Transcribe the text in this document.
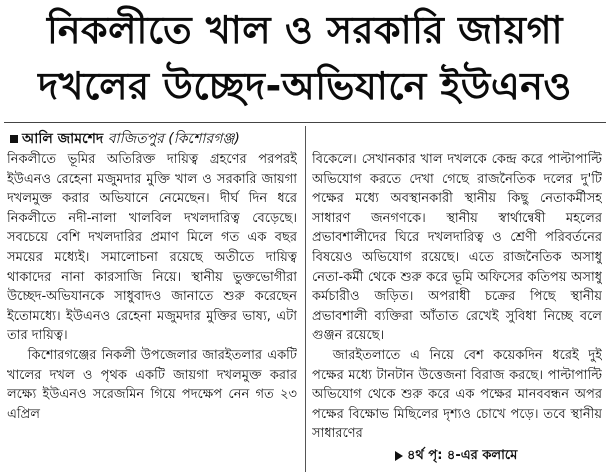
নিকলীতে খাল ও সরকারি জায়গা
দখলের উচ্ছেদ-অভিযানে ইউএনও
আলি জামশেদ বাজিতপুর (কিশোরগঞ্জ)

নিকলীতে ভূমির অতিরিক্ত দায়িত্ব গ্রহণের পরপরই ইউএনও রেহেনা মজুমদার মুক্তি খাল ও সরকারি জায়গা দখলমুক্ত করার অভিযানে নেমেছেন। দীর্ঘ দিন ধরে নিকলীতে নদী-নালা খালবিল দখলদারিত্ব বেড়েছে। সবচেয়ে বেশি দখলদারির প্রমাণ মিলে গত এক বছর সময়ের মধ্যেই। সমালোচনা রয়েছে অতীতে দায়িত্ব থাকাদের নানা কারসাজি নিয়ে। স্থানীয় ভুক্তভোগীরা উচ্ছেদ-অভিযানকে সাধুবাদও জানাতে শুরু করেছেন ইতোমধ্যে। ইউএনও রেহেনা মজুমদার মুক্তির ভাষ্য, এটা তার দায়িত্ব।

কিশোরগঞ্জের নিকলী উপজেলার জারইতলার একটি খালের দখল ও পৃথক একটি জায়গা দখলমুক্ত করার লক্ষ্যে ইউএনও সরেজমিন গিয়ে পদক্ষেপ নেন গত ২৩ এপ্রিল

বিকেলে। সেখানকার খাল দখলকে কেন্দ্র করে পাল্টাপাল্টি অভিযোগ করতে দেখা গেছে রাজনৈতিক দলের দু'টি পক্ষের মধ্যে অবস্থানকারী স্থানীয় কিছু নেতাকর্মীসহ সাধারণ জনগণকে। স্থানীয় স্বার্থান্বেষী মহলের প্রভাবশালীদের ঘিরে দখলদারিত্ব ও শ্রেণী পরিবর্তনের বিষয়েও অভিযোগ রয়েছে। এতে রাজনৈতিক অসাধু নেতা-কর্মী থেকে শুরু করে ভূমি অফিসের কতিপয় অসাধু কর্মচারীও জড়িত। অপরাধী চক্রের পিছে স্থানীয় প্রভাবশালী ব্যক্তিরা আঁতাত রেখেই সুবিধা নিচ্ছে বলে গুঞ্জন রয়েছে।

জারইতলাতে এ নিয়ে বেশ কয়েকদিন ধরেই দুই পক্ষের মধ্যে টানটান উত্তেজনা বিরাজ করছে। পাল্টাপাল্টি অভিযোগ থেকে শুরু করে এক পক্ষের মানববন্ধন অপর পক্ষের বিক্ষোভ মিছিলের দৃশ্যও চোখে পড়ে। তবে স্থানীয় সাধারণের

৪র্থ পৃ: ৪-এর কলামে
